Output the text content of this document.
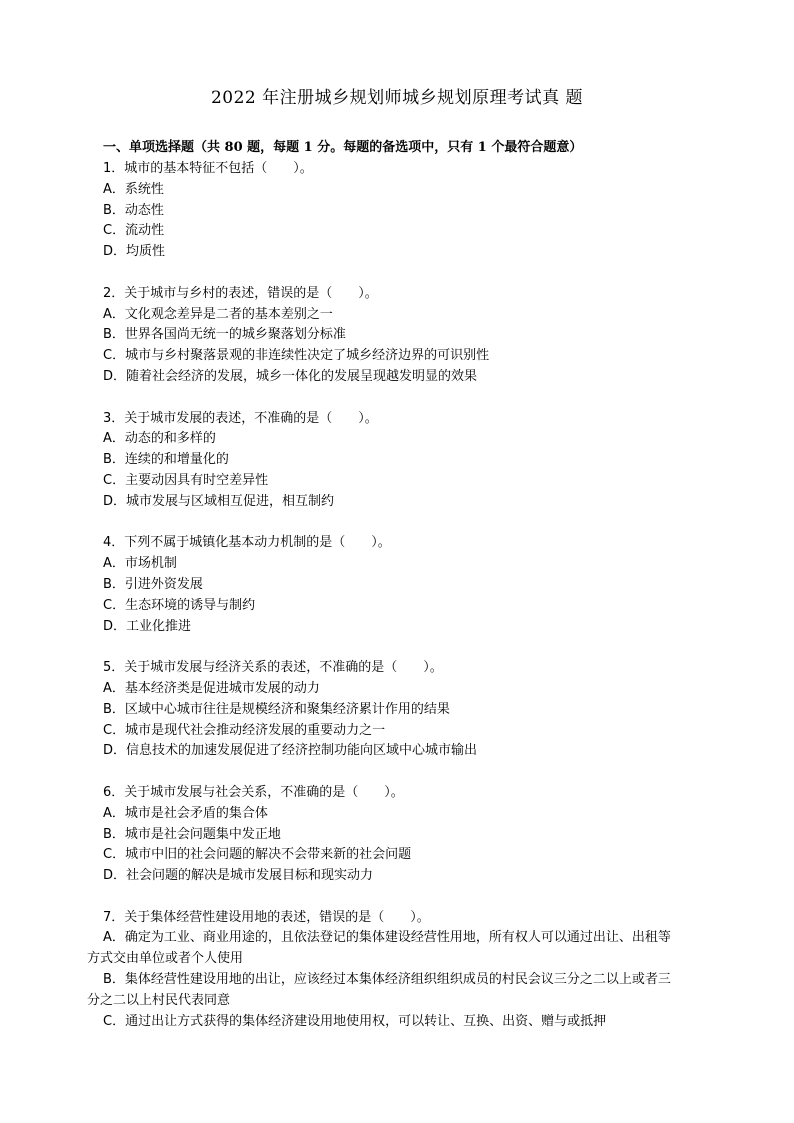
2022 年注册城乡规划师城乡规划原理考试真 题
一、单项选择题（共 80 题，每题 1 分。每题的备选项中，只有 1 个最符合题意）
1．城市的基本特征不包括（　　）。
A．系统性
B．动态性
C．流动性
D．均质性
2．关于城市与乡村的表述，错误的是（　　）。
A．文化观念差异是二者的基本差别之一
B．世界各国尚无统一的城乡聚落划分标准
C．城市与乡村聚落景观的非连续性决定了城乡经济边界的可识别性
D．随着社会经济的发展，城乡一体化的发展呈现越发明显的效果
3．关于城市发展的表述，不准确的是（　　）。
A．动态的和多样的
B．连续的和增量化的
C．主要动因具有时空差异性
D．城市发展与区域相互促进，相互制约
4．下列不属于城镇化基本动力机制的是（　　）。
A．市场机制
B．引进外资发展
C．生态环境的诱导与制约
D．工业化推进
5．关于城市发展与经济关系的表述，不准确的是（　　）。
A．基本经济类是促进城市发展的动力
B．区域中心城市往往是规模经济和聚集经济累计作用的结果
C．城市是现代社会推动经济发展的重要动力之一
D．信息技术的加速发展促进了经济控制功能向区域中心城市输出
6．关于城市发展与社会关系，不准确的是（　　）。
A．城市是社会矛盾的集合体
B．城市是社会问题集中发正地
C．城市中旧的社会问题的解决不会带来新的社会问题
D．社会问题的解决是城市发展目标和现实动力
7．关于集体经营性建设用地的表述，错误的是（　　）。
A．确定为工业、商业用途的，且依法登记的集体建设经营性用地，所有权人可以通过出让、出租等
方式交由单位或者个人使用
B．集体经营性建设用地的出让，应该经过本集体经济组织组织成员的村民会议三分之二以上或者三
分之二以上村民代表同意
C．通过出让方式获得的集体经济建设用地使用权，可以转让、互换、出资、赠与或抵押
